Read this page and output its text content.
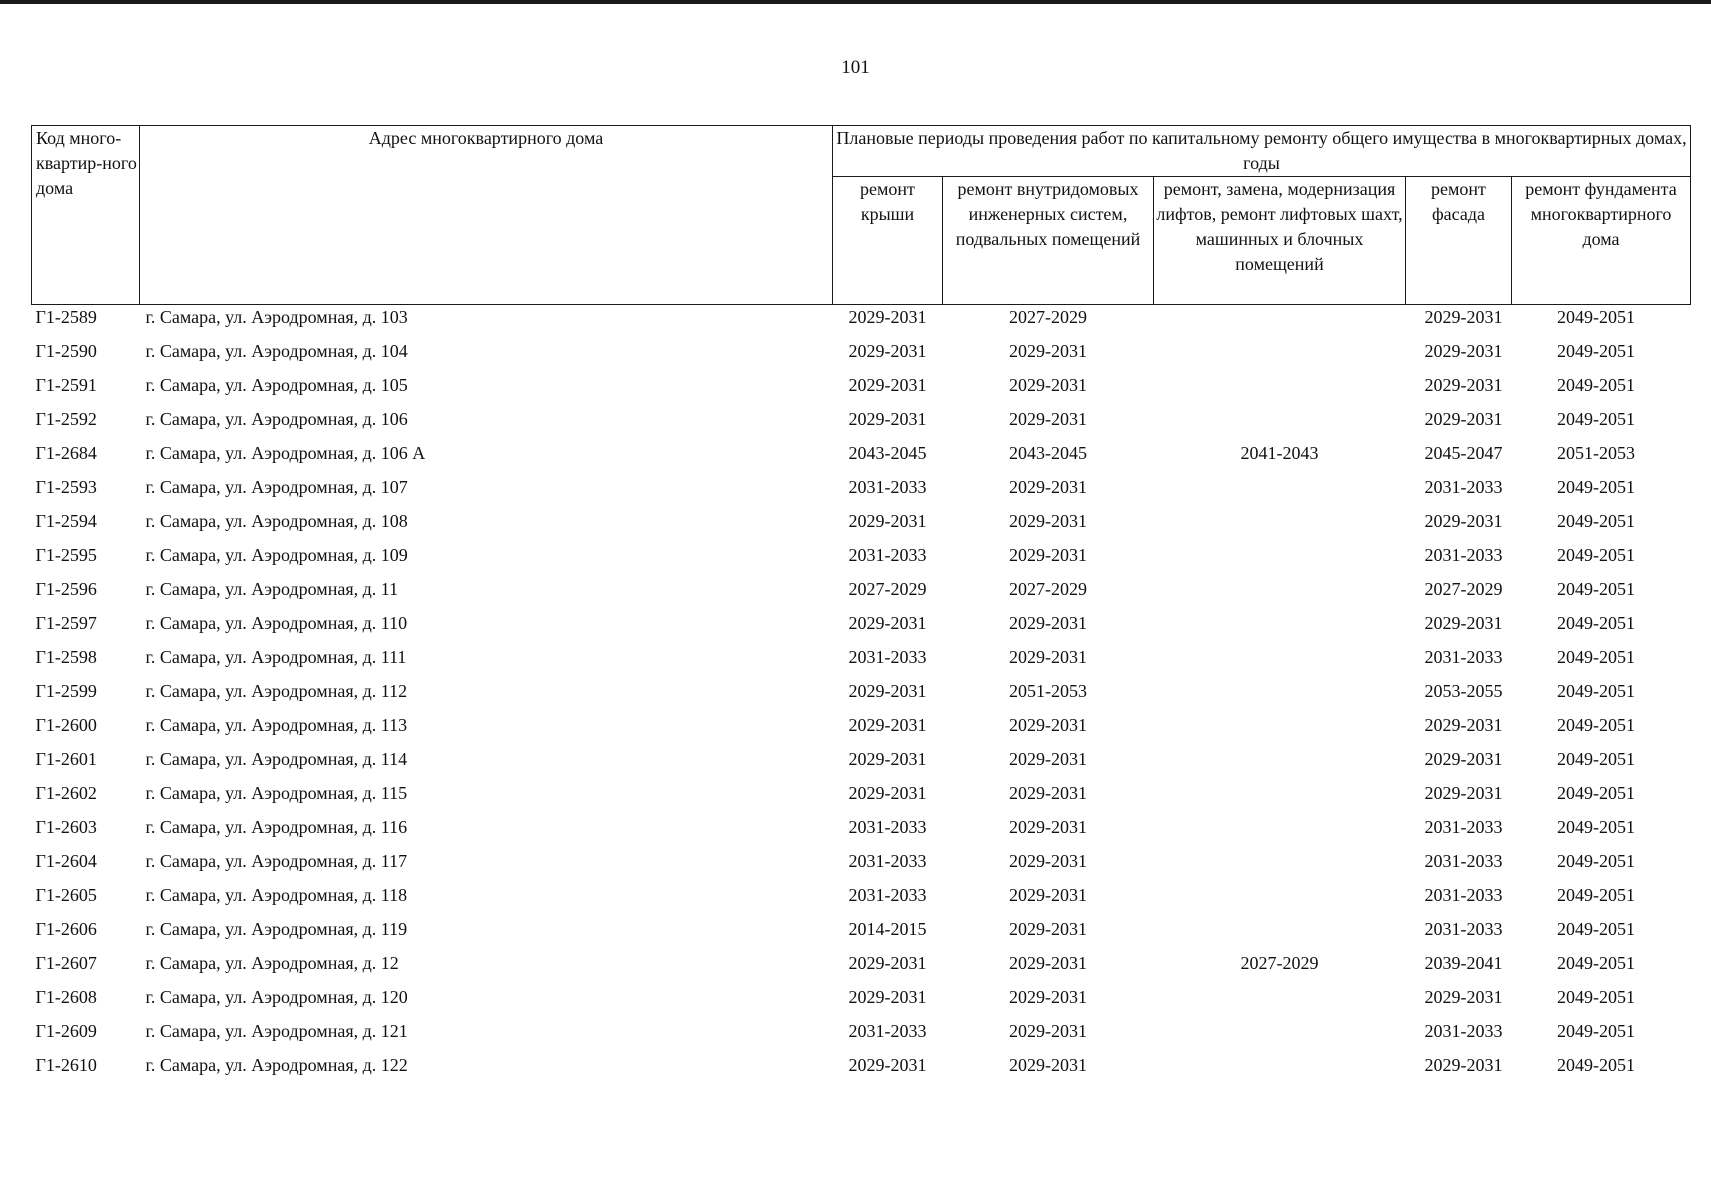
101
Код много-квартир-ного дома	Адрес многоквартирного дома	Плановые периоды проведения работ по капитальному ремонту общего имущества в многоквартирных домах, годы				
		ремонт крыши	ремонт внутридомовых инженерных систем, подвальных помещений	ремонт, замена, модернизация лифтов, ремонт лифтовых шахт, машинных и блочных помещений	ремонт фасада	ремонт фундамента многоквартирного дома
Г1-2589	г. Самара, ул. Аэродромная, д. 103	2029-2031	2027-2029		2029-2031	2049-2051
Г1-2590	г. Самара, ул. Аэродромная, д. 104	2029-2031	2029-2031		2029-2031	2049-2051
Г1-2591	г. Самара, ул. Аэродромная, д. 105	2029-2031	2029-2031		2029-2031	2049-2051
Г1-2592	г. Самара, ул. Аэродромная, д. 106	2029-2031	2029-2031		2029-2031	2049-2051
Г1-2684	г. Самара, ул. Аэродромная, д. 106 А	2043-2045	2043-2045	2041-2043	2045-2047	2051-2053
Г1-2593	г. Самара, ул. Аэродромная, д. 107	2031-2033	2029-2031		2031-2033	2049-2051
Г1-2594	г. Самара, ул. Аэродромная, д. 108	2029-2031	2029-2031		2029-2031	2049-2051
Г1-2595	г. Самара, ул. Аэродромная, д. 109	2031-2033	2029-2031		2031-2033	2049-2051
Г1-2596	г. Самара, ул. Аэродромная, д. 11	2027-2029	2027-2029		2027-2029	2049-2051
Г1-2597	г. Самара, ул. Аэродромная, д. 110	2029-2031	2029-2031		2029-2031	2049-2051
Г1-2598	г. Самара, ул. Аэродромная, д. 111	2031-2033	2029-2031		2031-2033	2049-2051
Г1-2599	г. Самара, ул. Аэродромная, д. 112	2029-2031	2051-2053		2053-2055	2049-2051
Г1-2600	г. Самара, ул. Аэродромная, д. 113	2029-2031	2029-2031		2029-2031	2049-2051
Г1-2601	г. Самара, ул. Аэродромная, д. 114	2029-2031	2029-2031		2029-2031	2049-2051
Г1-2602	г. Самара, ул. Аэродромная, д. 115	2029-2031	2029-2031		2029-2031	2049-2051
Г1-2603	г. Самара, ул. Аэродромная, д. 116	2031-2033	2029-2031		2031-2033	2049-2051
Г1-2604	г. Самара, ул. Аэродромная, д. 117	2031-2033	2029-2031		2031-2033	2049-2051
Г1-2605	г. Самара, ул. Аэродромная, д. 118	2031-2033	2029-2031		2031-2033	2049-2051
Г1-2606	г. Самара, ул. Аэродромная, д. 119	2014-2015	2029-2031		2031-2033	2049-2051
Г1-2607	г. Самара, ул. Аэродромная, д. 12	2029-2031	2029-2031	2027-2029	2039-2041	2049-2051
Г1-2608	г. Самара, ул. Аэродромная, д. 120	2029-2031	2029-2031		2029-2031	2049-2051
Г1-2609	г. Самара, ул. Аэродромная, д. 121	2031-2033	2029-2031		2031-2033	2049-2051
Г1-2610	г. Самара, ул. Аэродромная, д. 122	2029-2031	2029-2031		2029-2031	2049-2051
